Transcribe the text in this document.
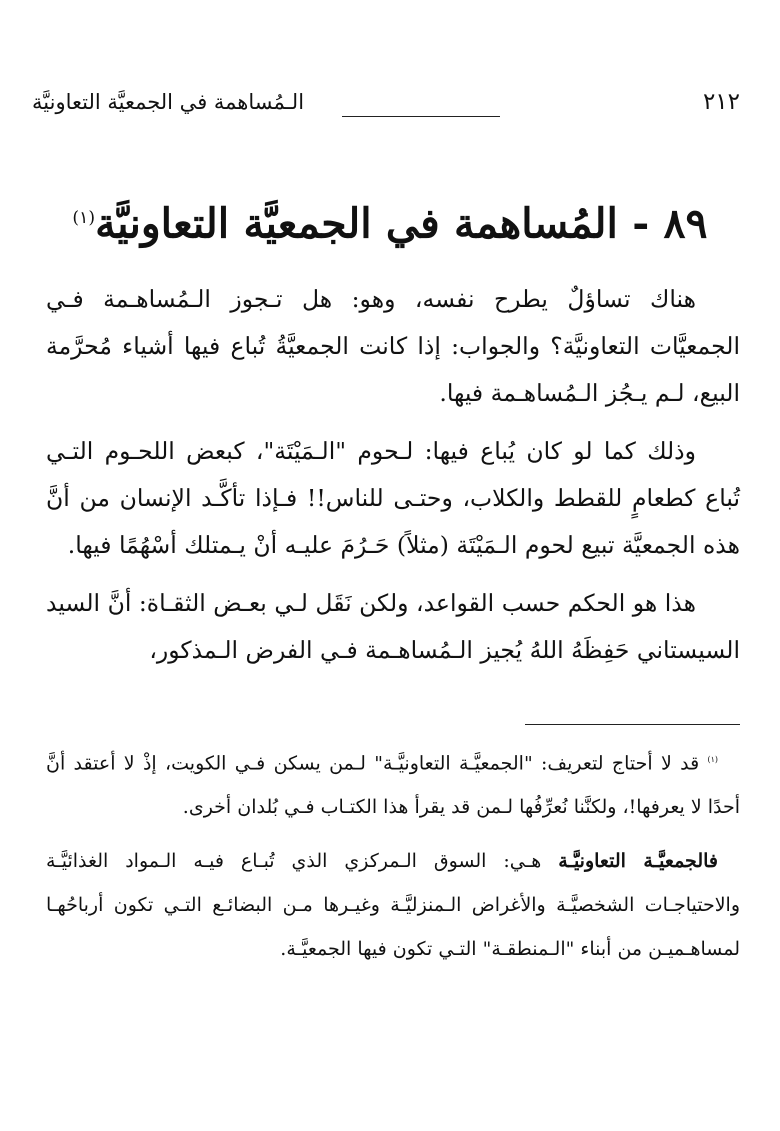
٢١٢
الـمُساهمة في الجمعيَّة التعاونيَّة
٨٩ - المُساهمة في الجمعيَّة التعاونيَّة$^{(١)}$

هناك تساؤلٌ يطرح نفسه، وهو: هل تـجوز الـمُساهـمة فـي الجمعيَّات التعاونيَّة؟ والجواب: إذا كانت الجمعيَّةُ تُباع فيها أشياء مُحرَّمة البيع، لـم يـجُز الـمُساهـمة فيها.

وذلك كما لو كان يُباع فيها: لـحوم "الـمَيْتَة"، كبعض اللحـوم التـي تُباع كطعامٍ للقطط والكلاب، وحتـى للناس!! فـإذا تأكَّـد الإنسان من أنَّ هذه الجمعيَّة تبيع لحوم الـمَيْتَة (مثلاً) حَـرُمَ عليـه أنْ يـمتلك أسْهُمًا فيها.

هذا هو الحكم حسب القواعد، ولكن نَقَل لـي بعـض الثقـاة: أنَّ السيد السيستاني حَفِظَهُ اللهُ يُجيز الـمُساهـمة فـي الفرض الـمذكور،

$^{(١)}$ قد لا أحتاج لتعريف: "الجمعيَّـة التعاونيَّـة" لـمن يسكن فـي الكويت، إذْ لا أعتقد أنَّ أحدًا لا يعرفها!، ولكنَّنا نُعرِّفُها لـمن قد يقرأ هذا الكتـاب فـي بُلدان أخرى.

فالجمعيَّـة التعاونيَّـة هـي: السوق الـمركزي الذي تُبـاع فيـه الـمواد الغذائيَّـة والاحتياجـات الشخصيَّـة والأغراض الـمنزليَّـة وغيـرها مـن البضائـع التـي تكون أرباحُهـا لمساهـميـن من أبناء "الـمنطقـة" التـي تكون فيها الجمعيَّـة.
